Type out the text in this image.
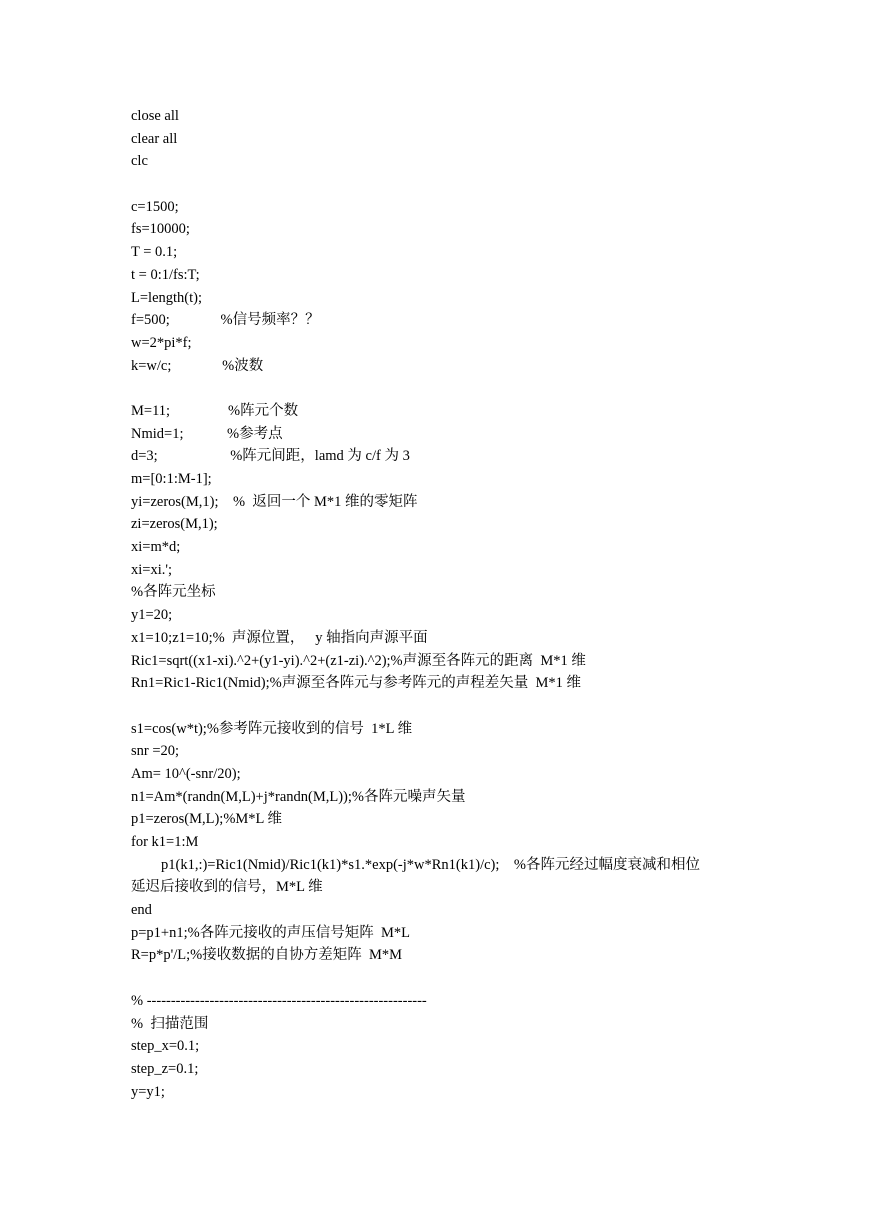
close all
clear all
clc
c=1500;
fs=10000;
T = 0.1;
t = 0:1/fs:T;
L=length(t);
f=500;              %信号频率？？
w=2*pi*f;
k=w/c;              %波数
M=11;                %阵元个数
Nmid=1;            %参考点
d=3;                    %阵元间距，lamd 为 c/f 为 3
m=[0:1:M-1];
yi=zeros(M,1);    %  返回一个 M*1 维的零矩阵
zi=zeros(M,1);
xi=m*d;
xi=xi.';
%各阵元坐标
y1=20;
x1=10;z1=10;%  声源位置，   y 轴指向声源平面
Ric1=sqrt((x1-xi).^2+(y1-yi).^2+(z1-zi).^2);%声源至各阵元的距离  M*1 维
Rn1=Ric1-Ric1(Nmid);%声源至各阵元与参考阵元的声程差矢量  M*1 维
s1=cos(w*t);%参考阵元接收到的信号  1*L 维
snr =20;
Am= 10^(-snr/20);
n1=Am*(randn(M,L)+j*randn(M,L));%各阵元噪声矢量
p1=zeros(M,L);%M*L 维
for k1=1:M
p1(k1,:)=Ric1(Nmid)/Ric1(k1)*s1.*exp(-j*w*Rn1(k1)/c);    %各阵元经过幅度衰减和相位
延迟后接收到的信号，M*L 维
end
p=p1+n1;%各阵元接收的声压信号矩阵  M*L
R=p*p'/L;%接收数据的自协方差矩阵  M*M
% ----------------------------------------------------------
%  扫描范围
step_x=0.1;
step_z=0.1;
y=y1;
